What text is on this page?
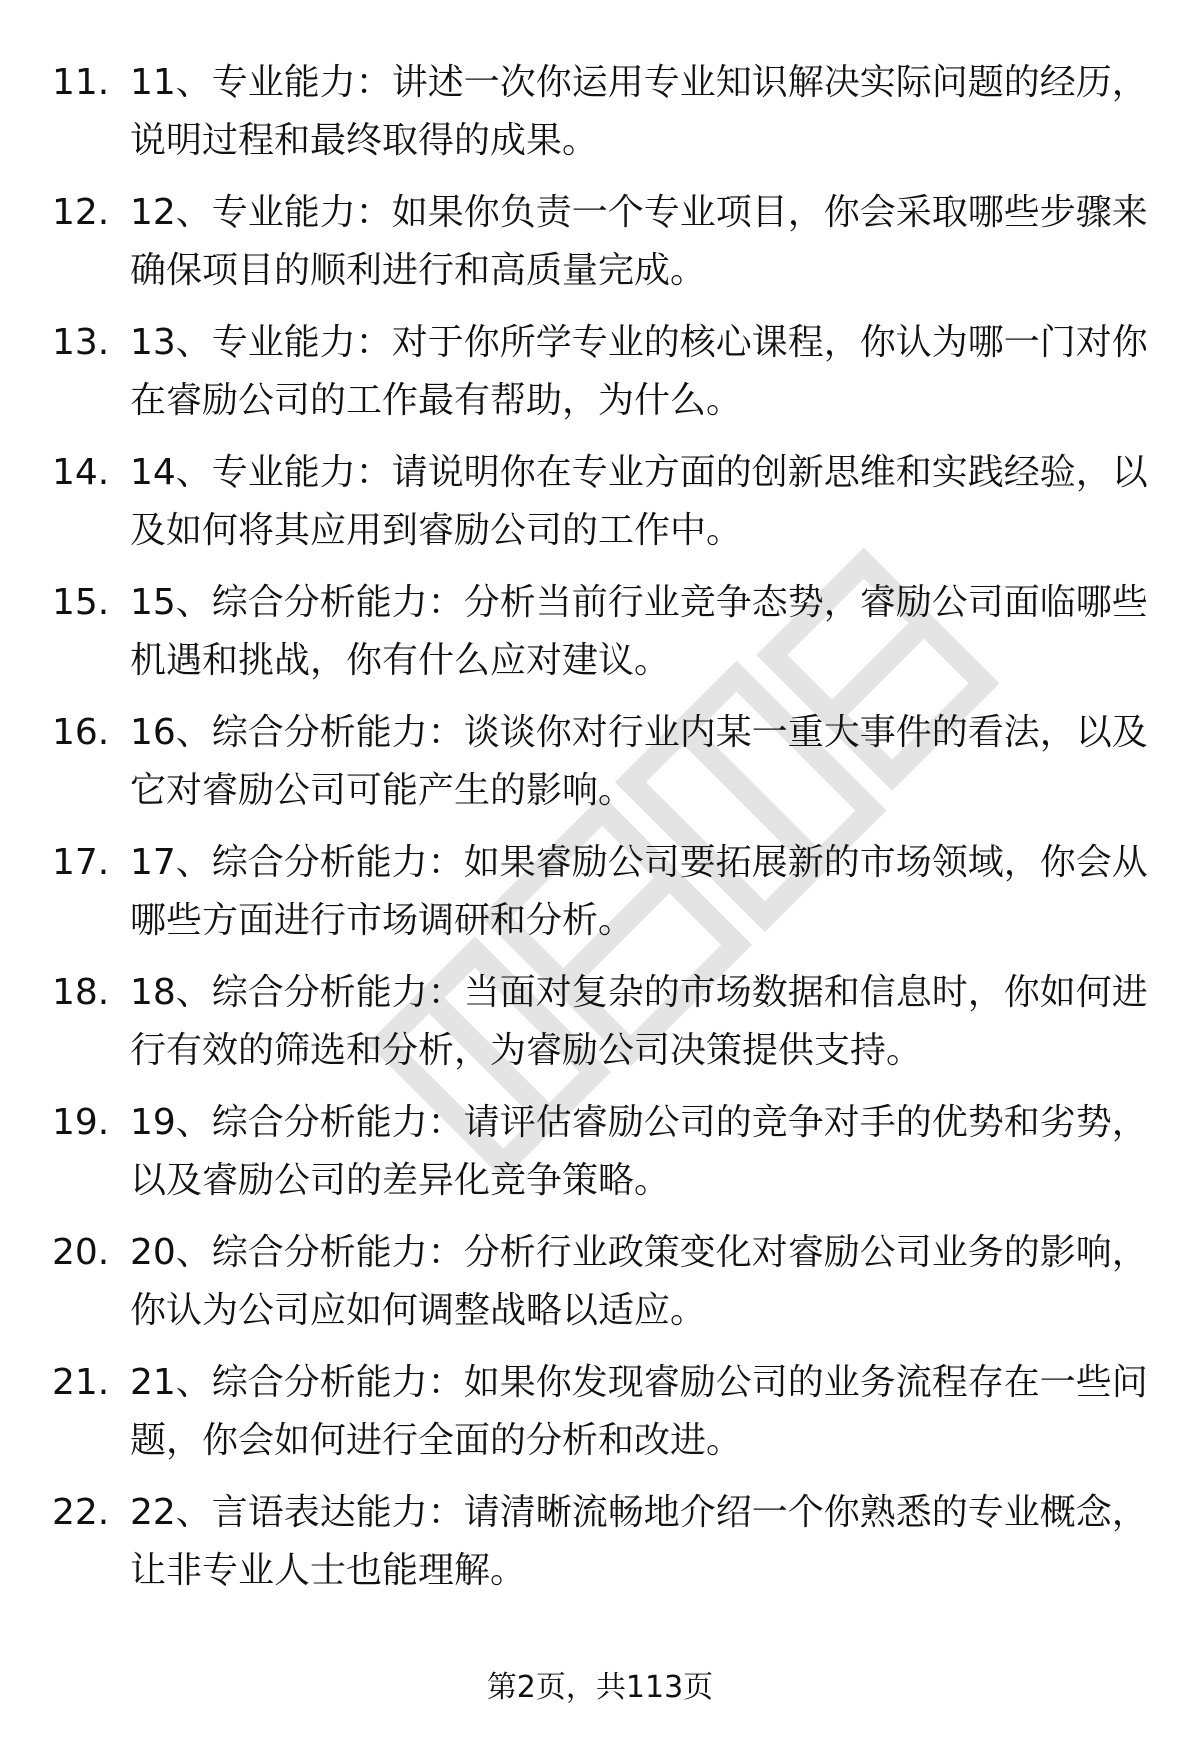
11. 11、专业能力：讲述一次你运用专业知识解决实际问题的经历，说明过程和最终取得的成果。
12. 12、专业能力：如果你负责一个专业项目，你会采取哪些步骤来确保项目的顺利进行和高质量完成。
13. 13、专业能力：对于你所学专业的核心课程，你认为哪一门对你在睿励公司的工作最有帮助，为什么。
14. 14、专业能力：请说明你在专业方面的创新思维和实践经验，以及如何将其应用到睿励公司的工作中。
15. 15、综合分析能力：分析当前行业竞争态势，睿励公司面临哪些机遇和挑战，你有什么应对建议。
16. 16、综合分析能力：谈谈你对行业内某一重大事件的看法，以及它对睿励公司可能产生的影响。
17. 17、综合分析能力：如果睿励公司要拓展新的市场领域，你会从哪些方面进行市场调研和分析。
18. 18、综合分析能力：当面对复杂的市场数据和信息时，你如何进行有效的筛选和分析，为睿励公司决策提供支持。
19. 19、综合分析能力：请评估睿励公司的竞争对手的优势和劣势，以及睿励公司的差异化竞争策略。
20. 20、综合分析能力：分析行业政策变化对睿励公司业务的影响，你认为公司应如何调整战略以适应。
21. 21、综合分析能力：如果你发现睿励公司的业务流程存在一些问题，你会如何进行全面的分析和改进。
22. 22、言语表达能力：请清晰流畅地介绍一个你熟悉的专业概念，让非专业人士也能理解。
第2页，共113页
